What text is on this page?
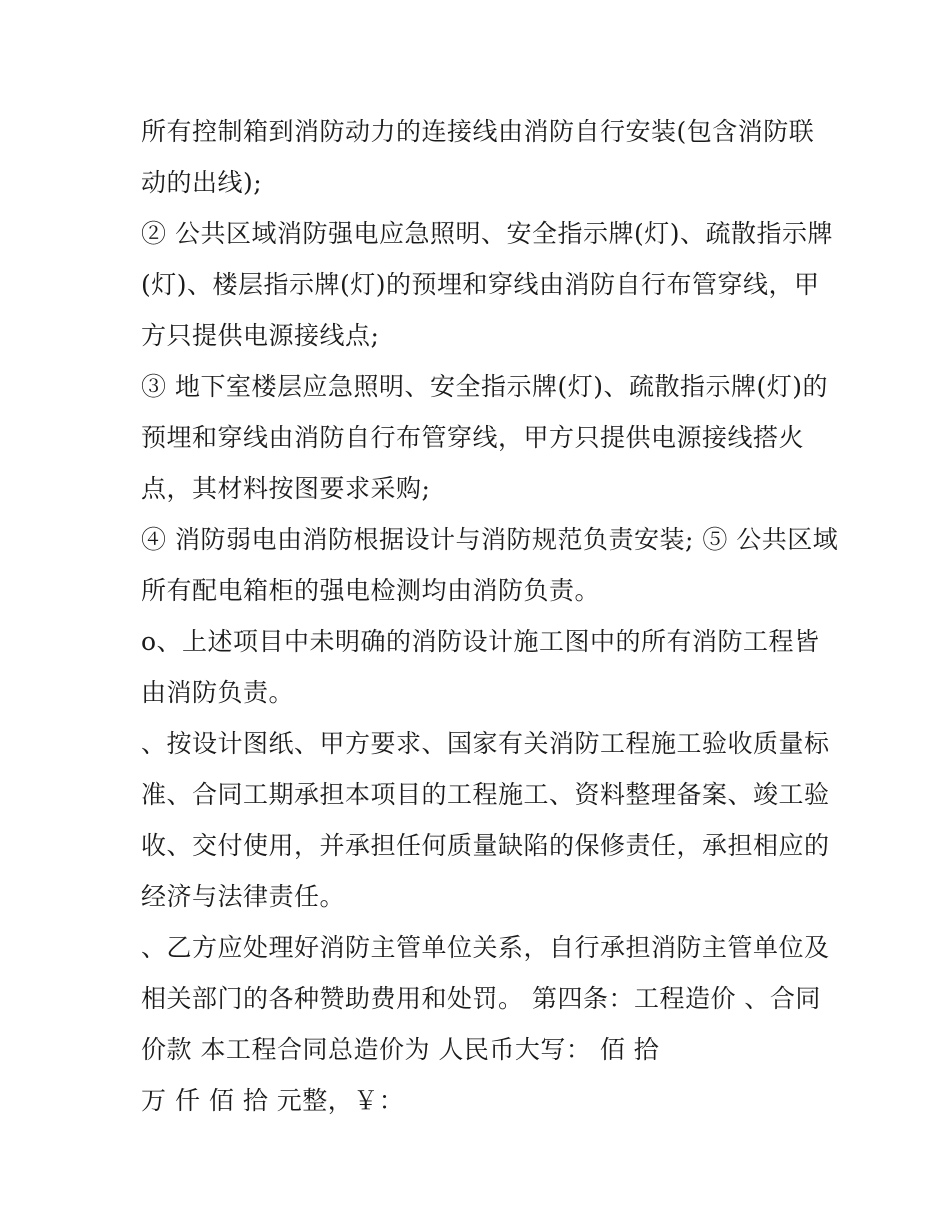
所有控制箱到消防动力的连接线由消防自行安装(包含消防联
动的出线);
② 公共区域消防强电应急照明、安全指示牌(灯)、疏散指示牌
(灯)、楼层指示牌(灯)的预埋和穿线由消防自行布管穿线，甲
方只提供电源接线点;
③ 地下室楼层应急照明、安全指示牌(灯)、疏散指示牌(灯)的
预埋和穿线由消防自行布管穿线，甲方只提供电源接线搭火
点，其材料按图要求采购;
④ 消防弱电由消防根据设计与消防规范负责安装; ⑤ 公共区域
所有配电箱柜的强电检测均由消防负责。
o、上述项目中未明确的消防设计施工图中的所有消防工程皆
由消防负责。
、按设计图纸、甲方要求、国家有关消防工程施工验收质量标
准、合同工期承担本项目的工程施工、资料整理备案、竣工验
收、交付使用，并承担任何质量缺陷的保修责任，承担相应的
经济与法律责任。
、乙方应处理好消防主管单位关系，自行承担消防主管单位及
相关部门的各种赞助费用和处罚。 第四条：工程造价 、合同
价款 本工程合同总造价为 人民币大写： 佰 拾
万 仟 佰 拾 元整，￥：
